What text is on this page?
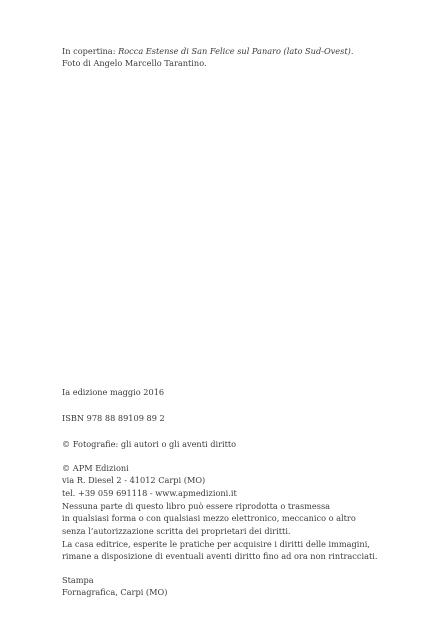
In copertina: Rocca Estense di San Felice sul Panaro (lato Sud-Ovest).
Foto di Angelo Marcello Tarantino.
Ia edizione maggio 2016
ISBN 978 88 89109 89 2
© Fotografie: gli autori o gli aventi diritto
© APM Edizioni
via R. Diesel 2 - 41012 Carpi (MO)
tel. +39 059 691118 - www.apmedizioni.it
Nessuna parte di questo libro può essere riprodotta o trasmessa
in qualsiasi forma o con qualsiasi mezzo elettronico, meccanico o altro
senza l’autorizzazione scritta dei proprietari dei diritti.
La casa editrice, esperite le pratiche per acquisire i diritti delle immagini,
rimane a disposizione di eventuali aventi diritto fino ad ora non rintracciati.
Stampa
Fornagrafica, Carpi (MO)
